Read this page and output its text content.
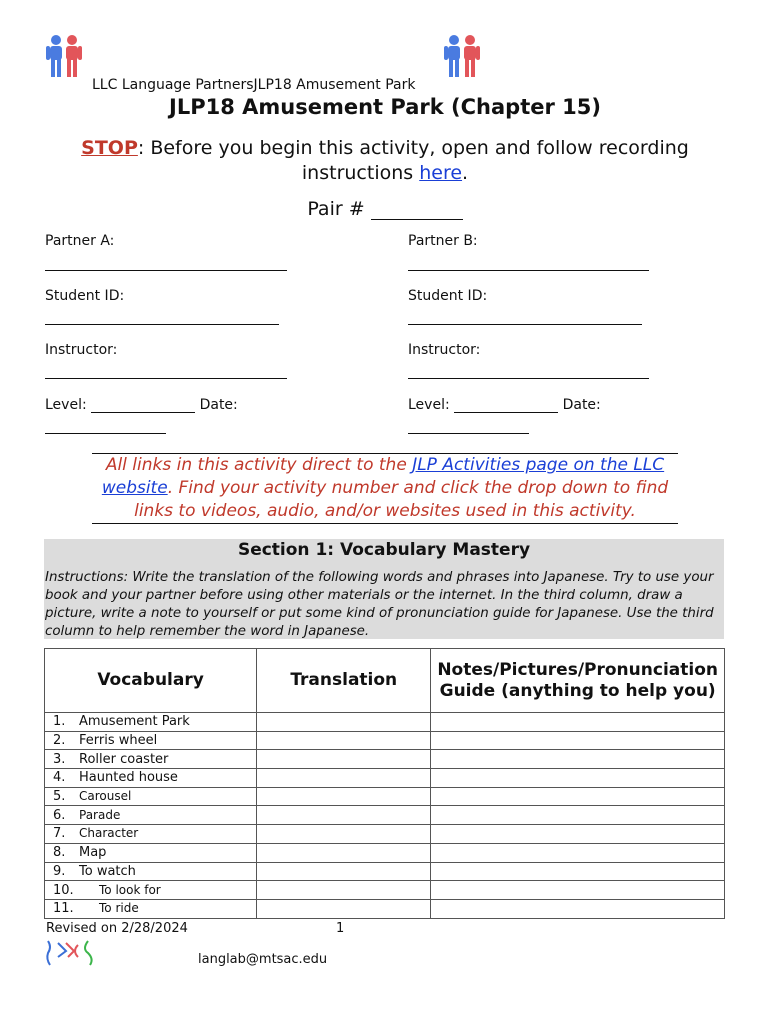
LLC Language PartnersJLP18 Amusement Park
JLP18 Amusement Park (Chapter 15)
STOP: Before you begin this activity, open and follow recording instructions here.
Pair #
Partner A:	Partner B:
Student ID:	Student ID:
Instructor:	Instructor:
Level:	Date:	Level:	Date:
All links in this activity direct to the JLP Activities page on the LLC website. Find your activity number and click the drop down to find links to videos, audio, and/or websites used in this activity.
Section 1: Vocabulary Mastery
Instructions: Write the translation of the following words and phrases into Japanese. Try to use your book and your partner before using other materials or the internet. In the third column, draw a picture, write a note to yourself or put some kind of pronunciation guide for Japanese. Use the third column to help remember the word in Japanese.
Vocabulary	Translation	Notes/Pictures/Pronunciation Guide (anything to help you)
1. Amusement Park		
2. Ferris wheel		
3. Roller coaster		
4. Haunted house		
5. Carousel		
6. Parade		
7. Character		
8. Map		
9. To watch		
10. To look for		
11. To ride		
Revised on 2/28/2024	1
langlab@mtsac.edu
